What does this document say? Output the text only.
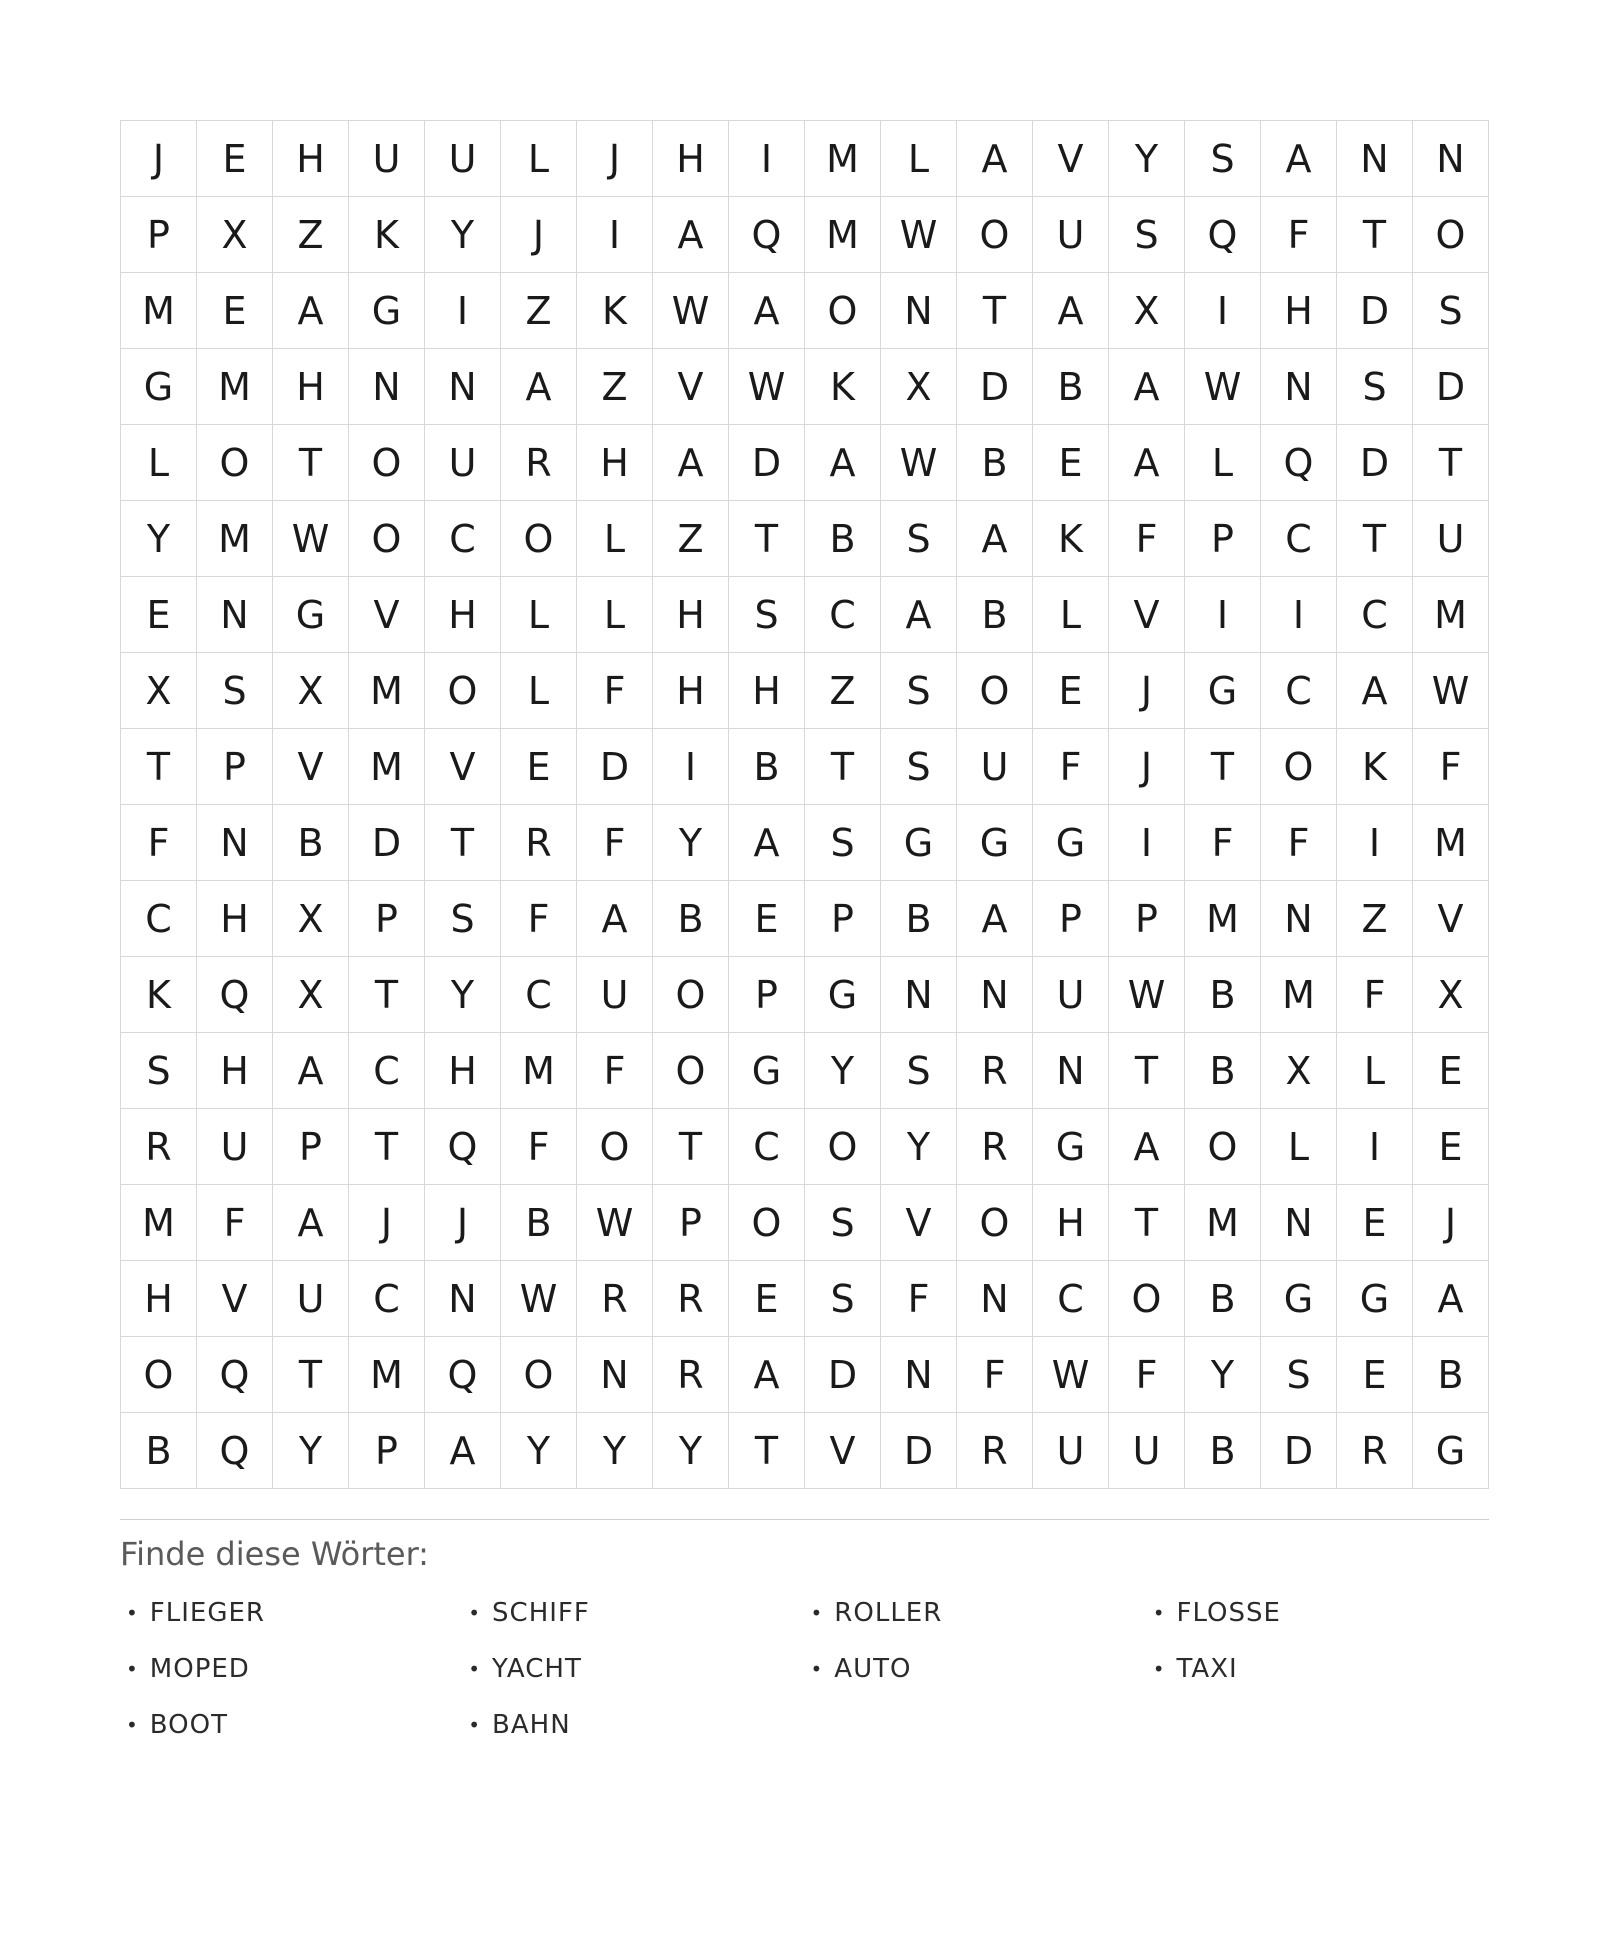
J	E	H	U	U	L	J	H	I	M	L	A	V	Y	S	A	N	N
P	X	Z	K	Y	J	I	A	Q	M	W	O	U	S	Q	F	T	O
M	E	A	G	I	Z	K	W	A	O	N	T	A	X	I	H	D	S
G	M	H	N	N	A	Z	V	W	K	X	D	B	A	W	N	S	D
L	O	T	O	U	R	H	A	D	A	W	B	E	A	L	Q	D	T
Y	M	W	O	C	O	L	Z	T	B	S	A	K	F	P	C	T	U
E	N	G	V	H	L	L	H	S	C	A	B	L	V	I	I	C	M
X	S	X	M	O	L	F	H	H	Z	S	O	E	J	G	C	A	W
T	P	V	M	V	E	D	I	B	T	S	U	F	J	T	O	K	F
F	N	B	D	T	R	F	Y	A	S	G	G	G	I	F	F	I	M
C	H	X	P	S	F	A	B	E	P	B	A	P	P	M	N	Z	V
K	Q	X	T	Y	C	U	O	P	G	N	N	U	W	B	M	F	X
S	H	A	C	H	M	F	O	G	Y	S	R	N	T	B	X	L	E
R	U	P	T	Q	F	O	T	C	O	Y	R	G	A	O	L	I	E
M	F	A	J	J	B	W	P	O	S	V	O	H	T	M	N	E	J
H	V	U	C	N	W	R	R	E	S	F	N	C	O	B	G	G	A
O	Q	T	M	Q	O	N	R	A	D	N	F	W	F	Y	S	E	B
B	Q	Y	P	A	Y	Y	Y	T	V	D	R	U	U	B	D	R	G
Finde diese Wörter:
• FLIEGER
• MOPED
• BOOT
• SCHIFF
• YACHT
• BAHN
• ROLLER
• AUTO
• FLOSSE
• TAXI
